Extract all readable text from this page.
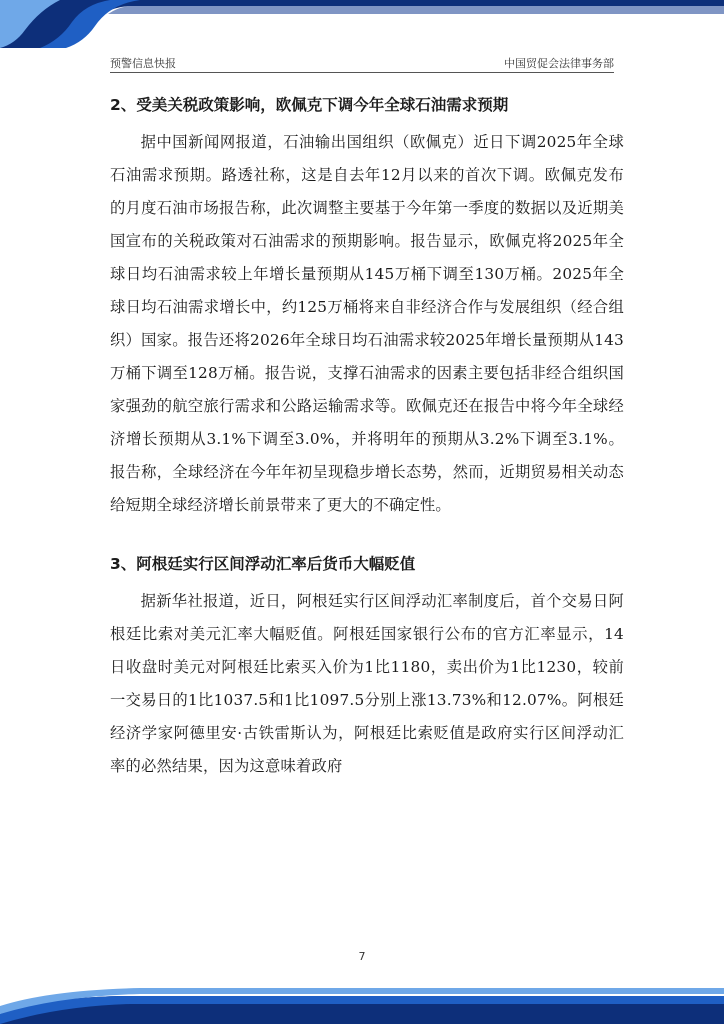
预警信息快报	中国贸促会法律事务部
2、受美关税政策影响，欧佩克下调今年全球石油需求预期

据中国新闻网报道，石油输出国组织（欧佩克）近日下调2025年全球石油需求预期。路透社称，这是自去年12月以来的首次下调。欧佩克发布的月度石油市场报告称，此次调整主要基于今年第一季度的数据以及近期美国宣布的关税政策对石油需求的预期影响。报告显示，欧佩克将2025年全球日均石油需求较上年增长量预期从145万桶下调至130万桶。2025年全球日均石油需求增长中，约125万桶将来自非经济合作与发展组织（经合组织）国家。报告还将2026年全球日均石油需求较2025年增长量预期从143万桶下调至128万桶。报告说，支撑石油需求的因素主要包括非经合组织国家强劲的航空旅行需求和公路运输需求等。欧佩克还在报告中将今年全球经济增长预期从3.1%下调至3.0%，并将明年的预期从3.2%下调至3.1%。报告称，全球经济在今年年初呈现稳步增长态势，然而，近期贸易相关动态给短期全球经济增长前景带来了更大的不确定性。

3、阿根廷实行区间浮动汇率后货币大幅贬值

据新华社报道，近日，阿根廷实行区间浮动汇率制度后，首个交易日阿根廷比索对美元汇率大幅贬值。阿根廷国家银行公布的官方汇率显示，14日收盘时美元对阿根廷比索买入价为1比1180，卖出价为1比1230，较前一交易日的1比1037.5和1比1097.5分别上涨13.73%和12.07%。阿根廷经济学家阿德里安·古铁雷斯认为，阿根廷比索贬值是政府实行区间浮动汇率的必然结果，因为这意味着政府

7
